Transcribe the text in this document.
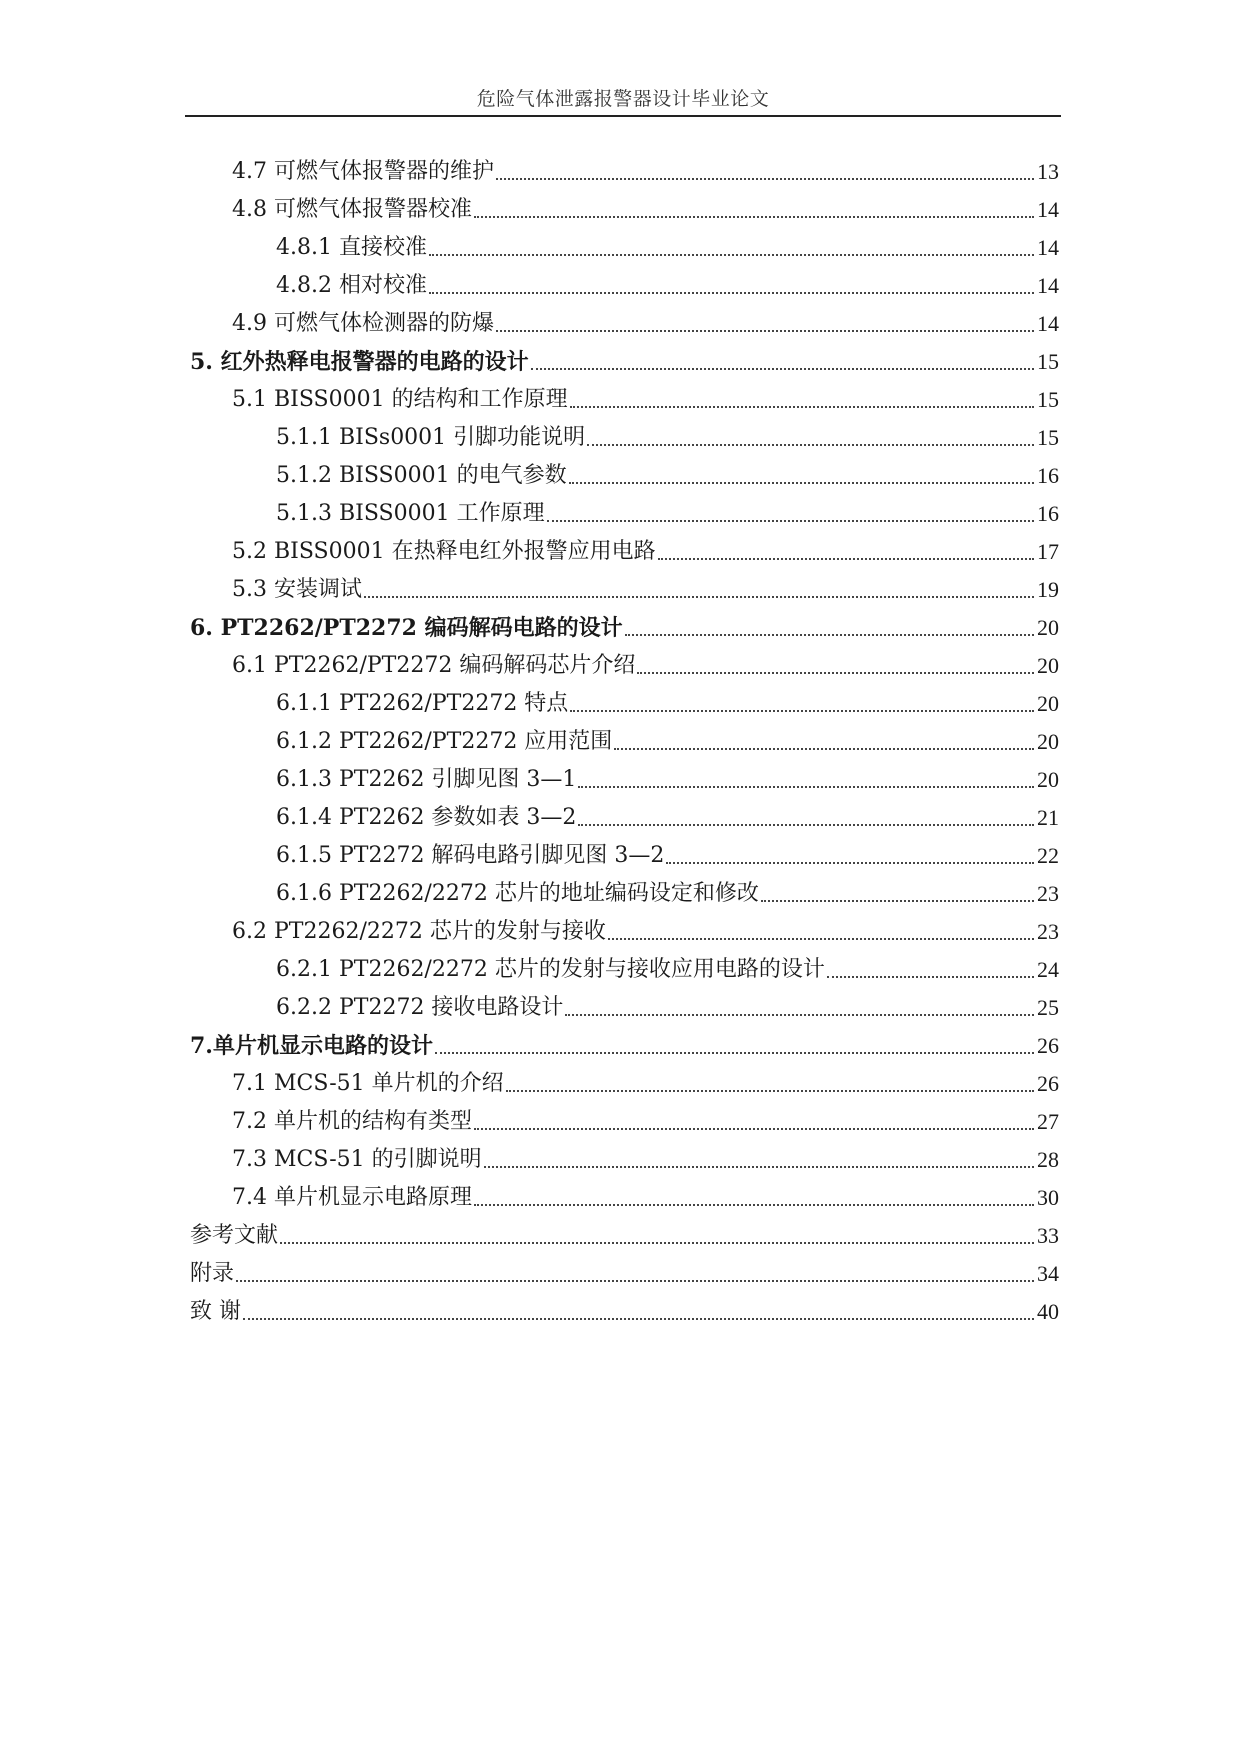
危险气体泄露报警器设计毕业论文
4.7 可燃气体报警器的维护	13
4.8 可燃气体报警器校准	14
4.8.1 直接校准	14
4.8.2 相对校准	14
4.9 可燃气体检测器的防爆	14
5. 红外热释电报警器的电路的设计	15
5.1 BISS0001 的结构和工作原理	15
5.1.1 BISs0001 引脚功能说明	15
5.1.2 BISS0001 的电气参数	16
5.1.3 BISS0001 工作原理	16
5.2 BISS0001 在热释电红外报警应用电路	17
5.3 安装调试	19
6. PT2262/PT2272 编码解码电路的设计	20
6.1 PT2262/PT2272 编码解码芯片介绍	20
6.1.1 PT2262/PT2272 特点	20
6.1.2 PT2262/PT2272 应用范围	20
6.1.3 PT2262 引脚见图 3—1	20
6.1.4 PT2262 参数如表 3—2	21
6.1.5 PT2272 解码电路引脚见图 3—2	22
6.1.6 PT2262/2272 芯片的地址编码设定和修改	23
6.2 PT2262/2272 芯片的发射与接收	23
6.2.1 PT2262/2272 芯片的发射与接收应用电路的设计	24
6.2.2 PT2272 接收电路设计	25
7.单片机显示电路的设计	26
7.1 MCS-51 单片机的介绍	26
7.2 单片机的结构有类型	27
7.3 MCS-51 的引脚说明	28
7.4 单片机显示电路原理	30
参考文献	33
附录	34
致 谢	40
